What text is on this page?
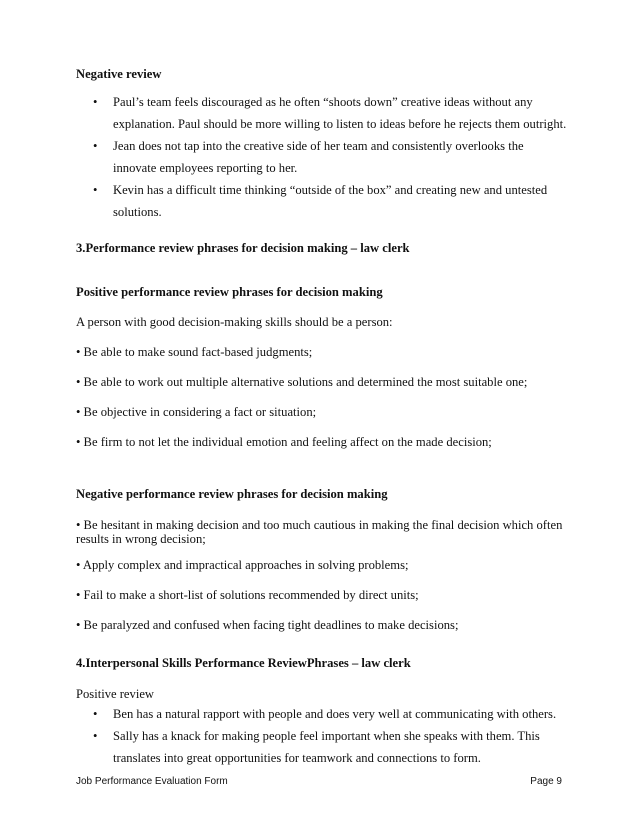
Negative review
• Paul’s team feels discouraged as he often “shoots down” creative ideas without any
explanation. Paul should be more willing to listen to ideas before he rejects them outright.
• Jean does not tap into the creative side of her team and consistently overlooks the
innovate employees reporting to her.
• Kevin has a difficult time thinking “outside of the box” and creating new and untested
solutions.
3.Performance review phrases for decision making – law clerk
Positive performance review phrases for decision making
A person with good decision-making skills should be a person:
• Be able to make sound fact-based judgments;
• Be able to work out multiple alternative solutions and determined the most suitable one;
• Be objective in considering a fact or situation;
• Be firm to not let the individual emotion and feeling affect on the made decision;
Negative performance review phrases for decision making
• Be hesitant in making decision and too much cautious in making the final decision which often
results in wrong decision;
• Apply complex and impractical approaches in solving problems;
• Fail to make a short-list of solutions recommended by direct units;
• Be paralyzed and confused when facing tight deadlines to make decisions;
4.Interpersonal Skills Performance ReviewPhrases – law clerk
Positive review
• Ben has a natural rapport with people and does very well at communicating with others.
• Sally has a knack for making people feel important when she speaks with them. This
translates into great opportunities for teamwork and connections to form.
Job Performance Evaluation Form	Page 9
